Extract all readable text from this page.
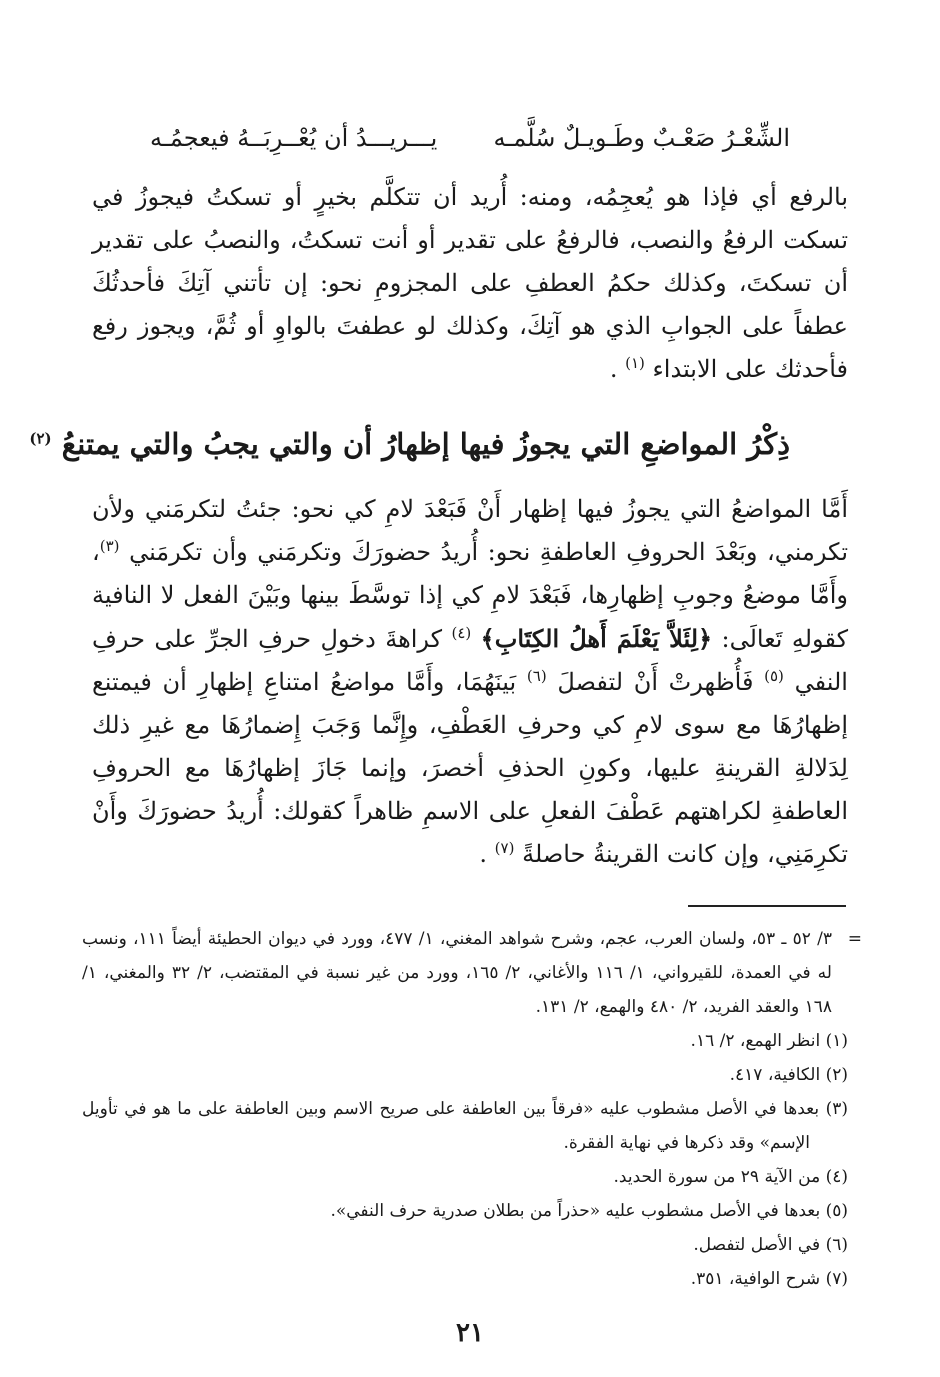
الشِّعْـرُ صَعْـبٌ وطَـويـلٌ سُلَّمـه
يـــريـــدُ أن يُعْــرِبَــهُ فيعجمُـه

بالرفع أي فإذا هو يُعجِمُه، ومنه: أُريد أن تتكلَّم بخيرٍ أو تسكتُ فيجوزُ في تسكت الرفعُ والنصب، فالرفعُ على تقدير أو أنت تسكتُ، والنصبُ على تقدير أن تسكتَ، وكذلك حكمُ العطفِ على المجزومِ نحو: إن تأتني آتِكَ فأحدثُكَ عطفاً على الجوابِ الذي هو آتِكَ، وكذلك لو عطفتَ بالواوِ أو ثُمَّ، ويجوز رفع فأحدثك على الابتداء $^{(١)}$ .

ذِكْرُ المواضعِ التي يجوزُ فيها إظهارُ أن والتي يجبُ والتي يمتنعُ $^{(٢)}$

أَمَّا المواضعُ التي يجوزُ فيها إظهار أَنْ فَبَعْدَ لامِ كي نحو: جئتُ لتكرمَني ولأن تكرمني، وبَعْدَ الحروفِ العاطفةِ نحو: أُريدُ حضورَكَ وتكرمَني وأن تكرمَني $^{(٣)}$، وأَمَّا موضعُ وجوبِ إظهارِها، فَبَعْدَ لامِ كي إذا توسَّطَ بينها وبَيْنَ الفعل لا النافية كقولهِ تَعالَى: ﴿لِئَلاَّ يَعْلَمَ أَهلُ الكِتَابِ﴾ $^{(٤)}$ كراهةَ دخولِ حرفِ الجرِّ على حرفِ النفي $^{(٥)}$ فَأُظهرتْ أَنْ لتفصلَ $^{(٦)}$ بَينَهُمَا، وأَمَّا مواضعُ امتناعِ إظهارِ أن فيمتنع إظهارُهَا مع سوى لامِ كي وحرفِ العَطْفِ، وإِنَّما وَجَبَ إِضمارُهَا مع غيرِ ذلك لِدَلالةِ القرينةِ عليها، وكونِ الحذفِ أخصرَ، وإنما جَازَ إظهارُهَا مع الحروفِ العاطفةِ لكراهتهم عَطْفَ الفعلِ على الاسمِ ظاهراً كقولك: أُريدُ حضورَكَ وأَنْ تكرِمَنِي، وإن كانت القرينةُ حاصلةً $^{(٧)}$ .

=
٣/ ٥٢ ـ ٥٣، ولسان العرب، عجم، وشرح شواهد المغني، ١/ ٤٧٧، وورد في ديوان الحطيئة أيضاً ١١١، ونسب له في العمدة، للقيرواني، ١/ ١١٦ والأغاني، ٢/ ١٦٥، وورد من غير نسبة في المقتضب، ٢/ ٣٢ والمغني، ١/ ١٦٨ والعقد الفريد، ٢/ ٤٨٠ والهمع، ٢/ ١٣١.
(١) انظر الهمع، ٢/ ١٦.
(٢) الكافية، ٤١٧.
(٣) بعدها في الأصل مشطوب عليه «فرقاً بين العاطفة على صريح الاسم وبين العاطفة على ما هو في تأويل الإسم» وقد ذكرها في نهاية الفقرة.
(٤) من الآية ٢٩ من سورة الحديد.
(٥) بعدها في الأصل مشطوب عليه «حذراً من بطلان صدرية حرف النفي».
(٦) في الأصل لتفصل.
(٧) شرح الوافية، ٣٥١.
٢١
